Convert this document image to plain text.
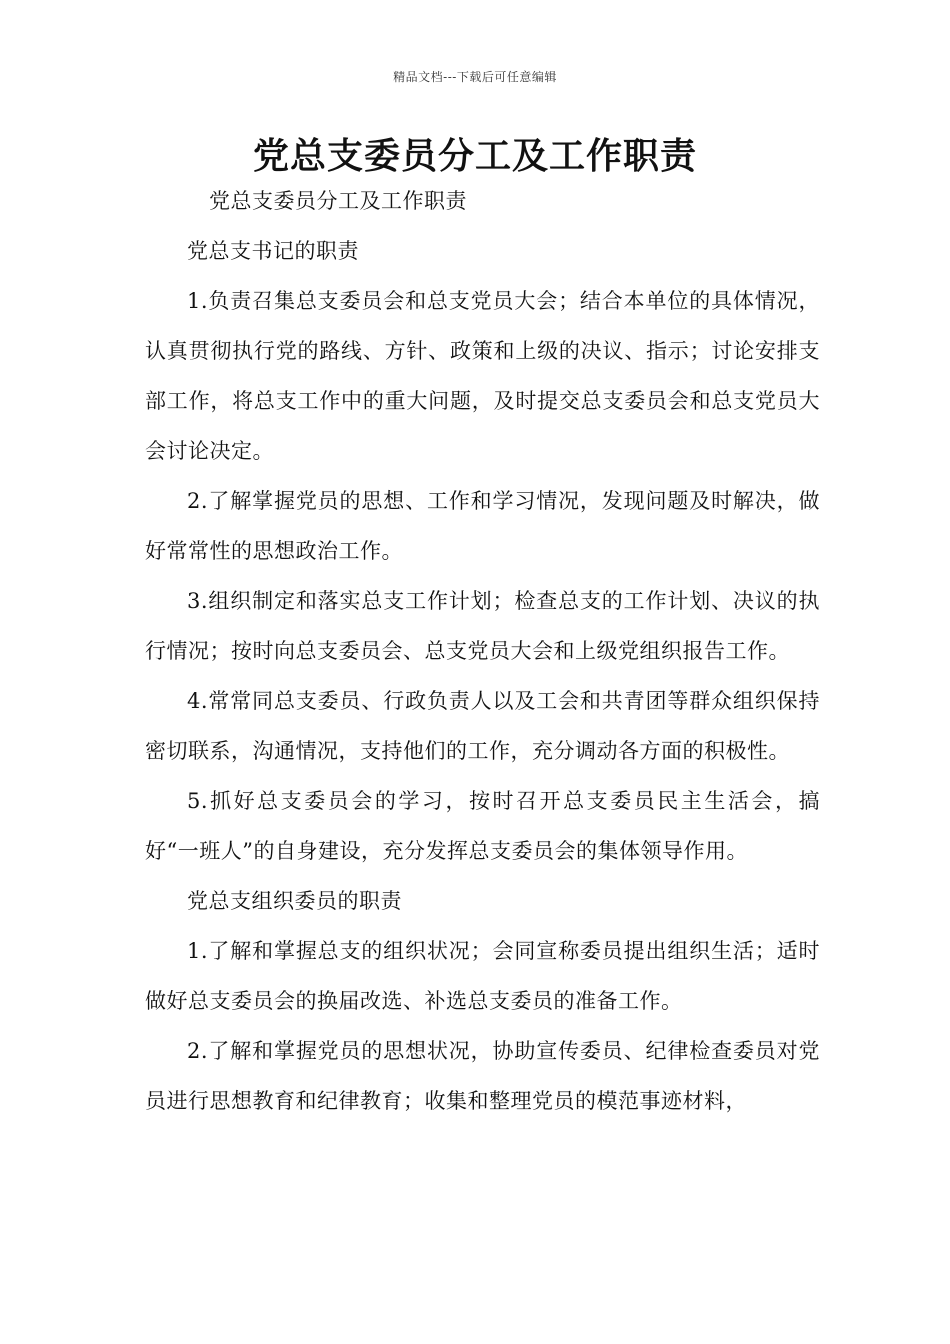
精品文档---下载后可任意编辑
党总支委员分工及工作职责

党总支委员分工及工作职责

党总支书记的职责

1.负责召集总支委员会和总支党员大会；结合本单位的具体情况，认真贯彻执行党的路线、方针、政策和上级的决议、指示；讨论安排支部工作，将总支工作中的重大问题，及时提交总支委员会和总支党员大会讨论决定。

2.了解掌握党员的思想、工作和学习情况，发现问题及时解决，做好常常性的思想政治工作。

3.组织制定和落实总支工作计划；检查总支的工作计划、决议的执行情况；按时向总支委员会、总支党员大会和上级党组织报告工作。

4.常常同总支委员、行政负责人以及工会和共青团等群众组织保持密切联系，沟通情况，支持他们的工作，充分调动各方面的积极性。

5.抓好总支委员会的学习，按时召开总支委员民主生活会，搞好“一班人”的自身建设，充分发挥总支委员会的集体领导作用。

党总支组织委员的职责

1.了解和掌握总支的组织状况；会同宣称委员提出组织生活；适时做好总支委员会的换届改选、补选总支委员的准备工作。

2.了解和掌握党员的思想状况，协助宣传委员、纪律检查委员对党员进行思想教育和纪律教育；收集和整理党员的模范事迹材料，
